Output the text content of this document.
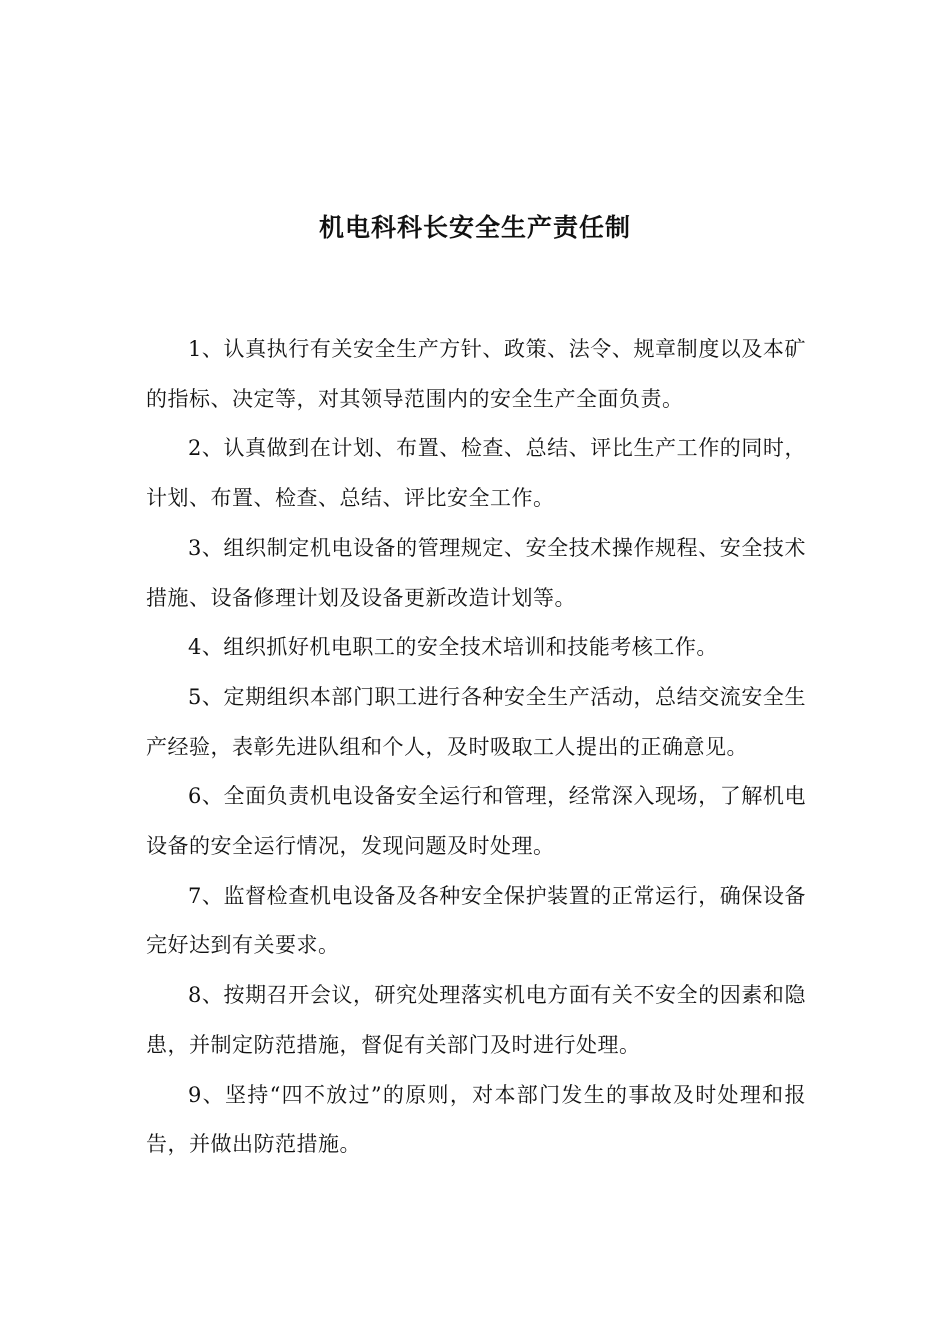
机电科科长安全生产责任制

1、认真执行有关安全生产方针、政策、法令、规章制度以及本矿的指标、决定等，对其领导范围内的安全生产全面负责。

2、认真做到在计划、布置、检查、总结、评比生产工作的同时，计划、布置、检查、总结、评比安全工作。

3、组织制定机电设备的管理规定、安全技术操作规程、安全技术措施、设备修理计划及设备更新改造计划等。

4、组织抓好机电职工的安全技术培训和技能考核工作。

5、定期组织本部门职工进行各种安全生产活动，总结交流安全生产经验，表彰先进队组和个人，及时吸取工人提出的正确意见。

6、全面负责机电设备安全运行和管理，经常深入现场，了解机电设备的安全运行情况，发现问题及时处理。

7、监督检查机电设备及各种安全保护装置的正常运行，确保设备完好达到有关要求。

8、按期召开会议，研究处理落实机电方面有关不安全的因素和隐患，并制定防范措施，督促有关部门及时进行处理。

9、坚持“四不放过”的原则，对本部门发生的事故及时处理和报告，并做出防范措施。
